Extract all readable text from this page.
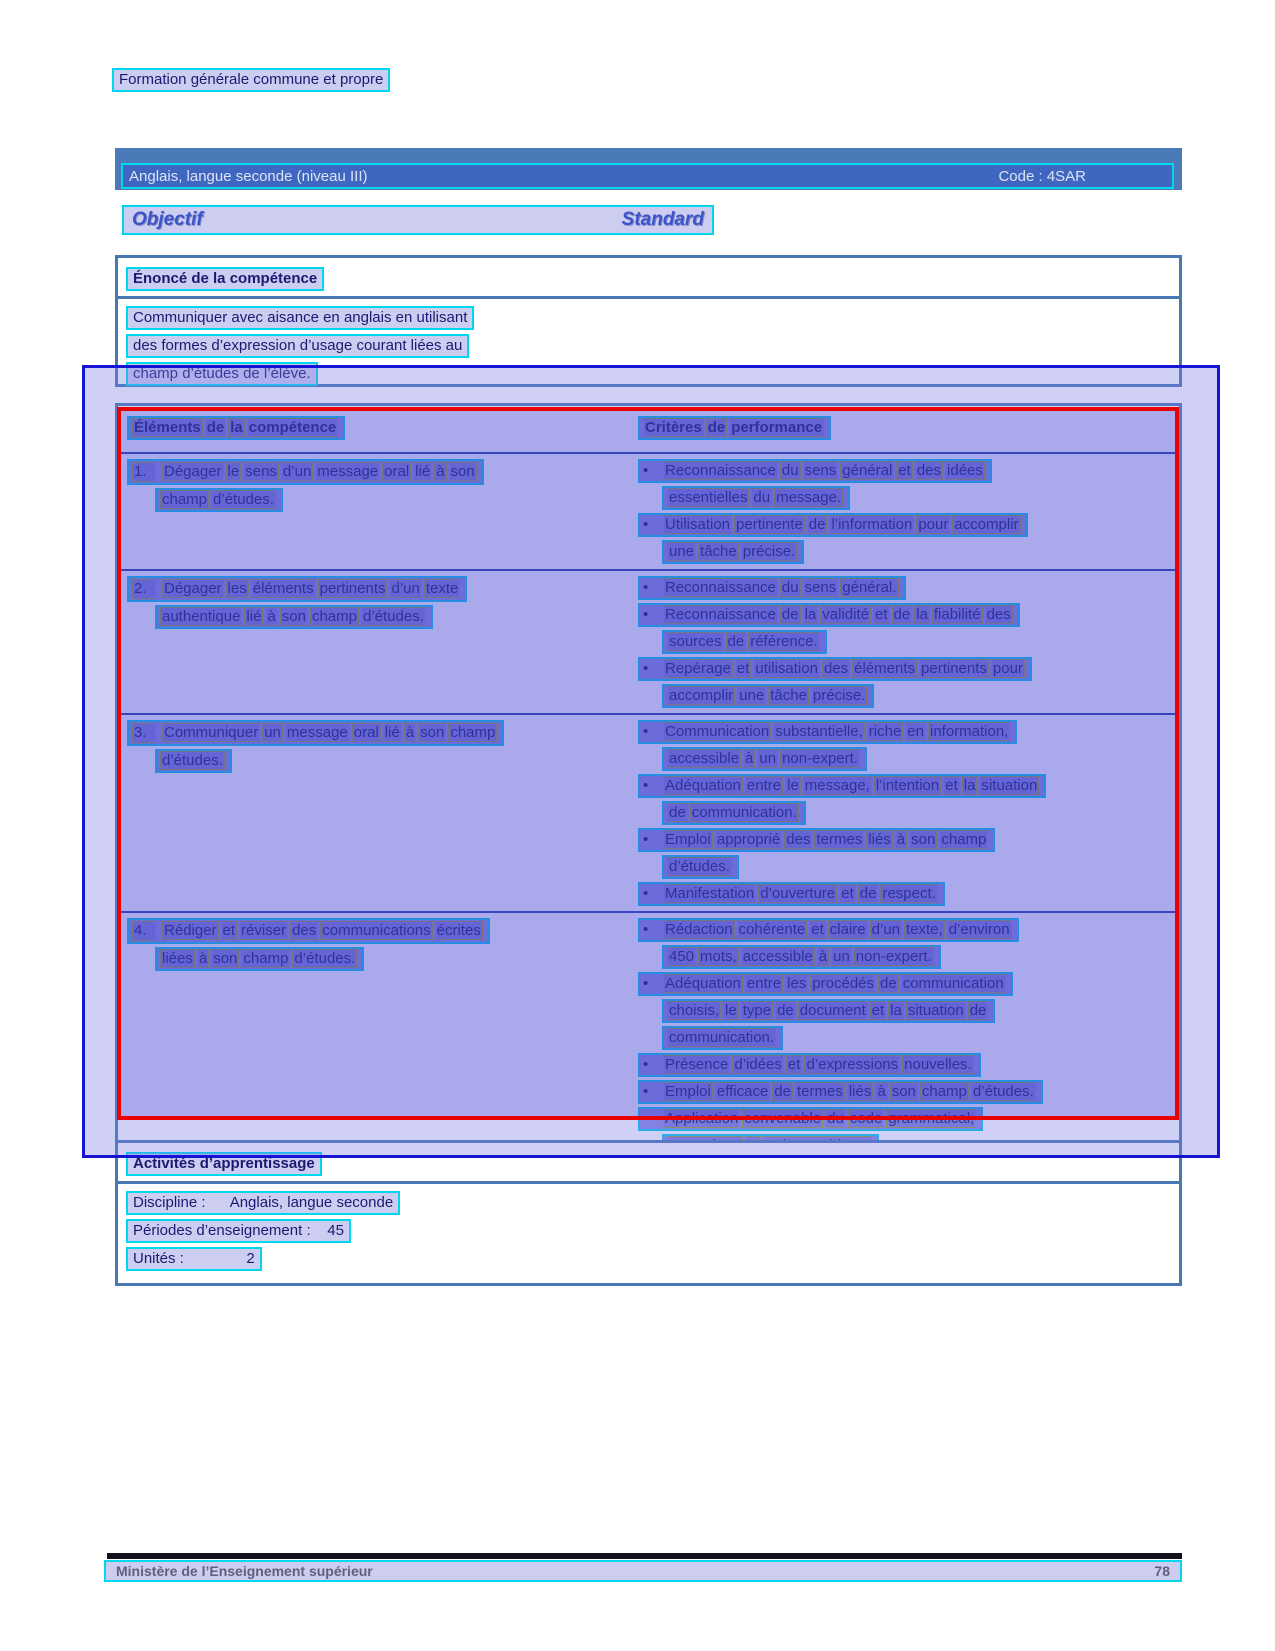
Formation générale commune et propre
Anglais, langue seconde (niveau III)	Code : 4SAR
Objectif	Standard
Énoncé de la compétence
Communiquer avec aisance en anglais en utilisant
des formes d’expression d’usage courant liées au
champ d’études de l’élève.
Éléments de la compétence	Critères de performance
1. Dégager le sens d’un message oral lié à son
champ d’études.
• Reconnaissance du sens général et des idées
essentielles du message.
• Utilisation pertinente de l’information pour accomplir
une tâche précise.
2. Dégager les éléments pertinents d’un texte
authentique lié à son champ d’études.
• Reconnaissance du sens général.
• Reconnaissance de la validité et de la fiabilité des
sources de référence.
• Repérage et utilisation des éléments pertinents pour
accomplir une tâche précise.
3. Communiquer un message oral lié à son champ
d’études.
• Communication substantielle, riche en information,
accessible à un non-expert.
• Adéquation entre le message, l’intention et la situation
de communication.
• Emploi approprié des termes liés à son champ
d’études.
• Manifestation d’ouverture et de respect.
4. Rédiger et réviser des communications écrites
liées à son champ d’études.
• Rédaction cohérente et claire d’un texte, d’environ
450 mots, accessible à un non-expert.
• Adéquation entre les procédés de communication
choisis, le type de document et la situation de
communication.
• Présence d’idées et d’expressions nouvelles.
• Emploi efficace de termes liés à son champ d’études.
• Application convenable du code grammatical,
Activités d’apprentissage
Discipline :      Anglais, langue seconde
Périodes d’enseignement :    45
Unités :               2
Ministère de l’Enseignement supérieur	78
